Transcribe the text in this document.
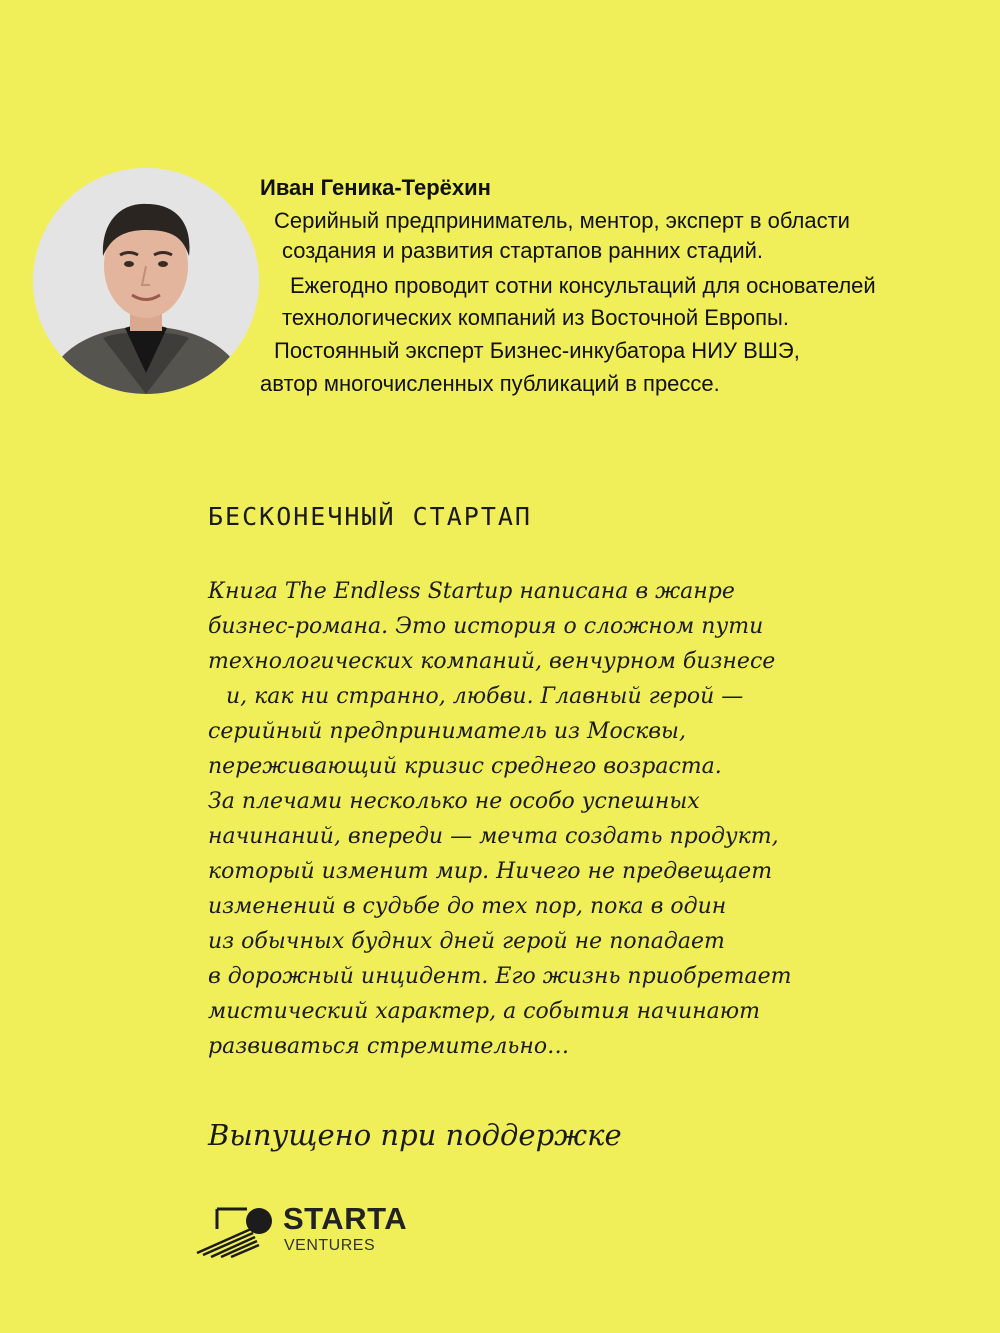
Иван Геника-Терёхин
Серийный предприниматель, ментор, эксперт в области
создания и развития стартапов ранних стадий.
Ежегодно проводит сотни консультаций для основателей
технологических компаний из Восточной Европы.
Постоянный эксперт Бизнес-инкубатора НИУ ВШЭ,
автор многочисленных публикаций в прессе.
БЕСКОНЕЧНЫЙ СТАРТАП
Книга The Endless Startup написана в жанре
бизнес-романа. Это история о сложном пути
технологических компаний, венчурном бизнесе
и, как ни странно, любви. Главный герой —
серийный предприниматель из Москвы,
переживающий кризис среднего возраста.
За плечами несколько не особо успешных
начинаний, впереди — мечта создать продукт,
который изменит мир. Ничего не предвещает
изменений в судьбе до тех пор, пока в один
из обычных будних дней герой не попадает
в дорожный инцидент. Его жизнь приобретает
мистический характер, а события начинают
развиваться стремительно…
Выпущено при поддержке
STARTA
VENTURES
